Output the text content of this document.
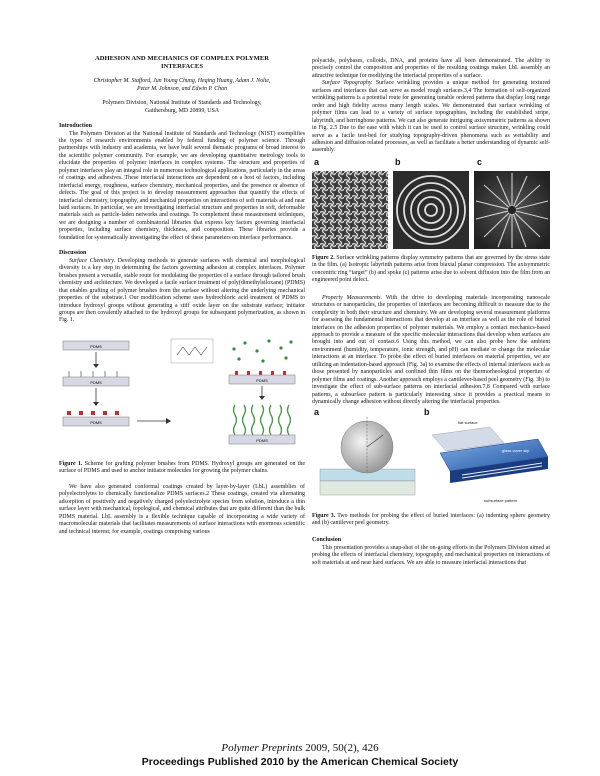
ADHESION AND MECHANICS OF COMPLEX POLYMER
INTERFACES
Christopher M. Stafford, Jun Young Chung, Heqing Huang, Adam J. Nolte,
Peter M. Johnson, and Edwin P. Chan
Polymers Division, National Institute of Standards and Technology,
Gaithersburg, MD 20899, USA
Introduction

The Polymers Division at the National Institute of Standards and Technology (NIST) exemplifies the types of research environments enabled by federal funding of polymer science. Through partnerships with industry and academia, we have built several thematic programs of broad interest to the scientific polymer community. For example, we are developing quantitative metrology tools to elucidate the properties of polymer interfaces in complex systems. The structure and properties of polymer interfaces play an integral role in numerous technological applications, particularly in the areas of coatings and adhesives. These interfacial interactions are dependent on a host of factors, including interfacial energy, roughness, surface chemistry, mechanical properties, and the presence or absence of defects. The goal of this project is to develop measurement approaches that quantify the effects of interfacial chemistry, topography, and mechanical properties on interactions of soft materials at and near hard surfaces. In particular, we are investigating interfacial structure and properties in soft, deformable materials such as particle-laden networks and coatings. To complement these measurement techniques, we are designing a number of combinatorial libraries that express key factors governing interfacial properties, including surface chemistry, thickness, and composition. These libraries provide a foundation for systematically investigating the effect of these parameters on interface performance.

Discussion

Surface Chemistry. Developing methods to generate surfaces with chemical and morphological diversity is a key step in determining the factors governing adhesion at complex interfaces. Polymer brushes present a versatile, stable route for modulating the properties of a surface through tailored brush chemistry and architecture. We developed a facile surface treatment of poly(dimethylsiloxane) (PDMS) that enables grafting of polymer brushes from the surface without altering the underlying mechanical properties of the substrate.1 Our modification scheme uses hydrochloric acid treatment of PDMS to introduce hydroxyl groups without generating a stiff oxide layer on the substrate surface; initiator groups are then covalently attached to the hydroxyl groups for subsequent polymerization, as shown in Fig. 1.

PDMS
PDMS
PDMS
PDMS
PDMS

Figure 1. Scheme for grafting polymer brushes from PDMS. Hydroxyl groups are generated on the surface of PDMS and used to anchor initiator molecules for growing the polymer chains.

We have also generated conformal coatings created by layer-by-layer (LbL) assemblies of polyelectrolytes to chemically functionalize PDMS surfaces.2 These coatings, created via alternating adsorption of positively and negatively charged polyelectrolyte species from solution, introduce a thin surface layer with mechanical, topological, and chemical attributes that are quite different than the bulk PDMS material. LbL assembly is a flexible technique capable of incorporating a wide variety of macromolecular materials that facilitates measurements of surface interactions with enormous scientific and technical interest; for example, coatings comprising various

polyacids, polybases, colloids, DNA, and proteins have all been demonstrated. The ability to precisely control the composition and properties of the resulting coatings makes LbL assembly an attractive technique for modifying the interfacial properties of a surface.

Surface Topography. Surface wrinkling provides a unique method for generating textured surfaces and interfaces that can serve as model rough surfaces.3,4 The formation of self-organized wrinkling patterns is a potential route for generating tunable ordered patterns that display long range order and high fidelity across many length scales. We demonstrated that surface wrinkling of polymer films can lead to a variety of surface topographies, including the established stripe, labyrinth, and herringbone patterns. We can also generate intriguing axisymmetric patterns as shown in Fig. 2.5 Due to the ease with which it can be used to control surface structure, wrinkling could serve as a facile test-bed for studying topography-driven phenomena such as wettability and adhesion and diffusion related processes, as well as facilitate a better understanding of dynamic self-assembly.

a	b	c

Figure 2. Surface wrinkling patterns display symmetry patterns that are governed by the stress state in the film. (a) Isotropic labyrinth patterns arise from biaxial planar compression. The axisymmetric concentric ring “target” (b) and spoke (c) patterns arise due to solvent diffusion into the film from an engineered point defect.

Property Measurements. With the drive to developing materials incorporating nanoscale structures or nanoparticles, the properties of interfaces are becoming difficult to measure due to the complexity in both their structure and chemistry. We are developing several measurement platforms for assessing the fundamental interactions that develop at an interface as well as the role of buried interfaces on the adhesion properties of polymer materials. We employ a contact mechanics-based approach to provide a measure of the specific molecular interactions that develop when surfaces are brought into and out of contact.6 Using this method, we can also probe how the ambient environment (humidity, temperature, ionic strength, and pH) can mediate or change the molecular interactions at an interface. To probe the effect of buried interfaces on material properties, we are utilizing an indentation-based approach (Fig. 3a) to examine the effects of internal interfaces such as those presented by nanoparticles and confined thin films on the thermorheological properties of polymer films and coatings. Another approach employs a cantilever-based peel geometry (Fig. 3b) to investigate the effect of sub-surface patterns on interfacial adhesion.7,8 Compared with surface patterns, a subsurface pattern is particularly interesting since it provides a practical means to dynamically change adhesion without directly altering the interfacial properties.

a	b
flat surface
glass cover slip
subsurface pattern

Figure 3. Two methods for probing the effect of buried interfaces: (a) indenting sphere geometry and (b) cantilever peel geometry.

Conclusion

This presentation provides a snap-shot of the on-going efforts in the Polymers Division aimed at probing the effects of interfacial chemistry, topography, and mechanical properties on interactions of soft materials at and near hard surfaces. We are able to measure interfacial interactions that

Polymer Preprints 2009, 50(2), 426
Proceedings Published 2010 by the American Chemical Society
